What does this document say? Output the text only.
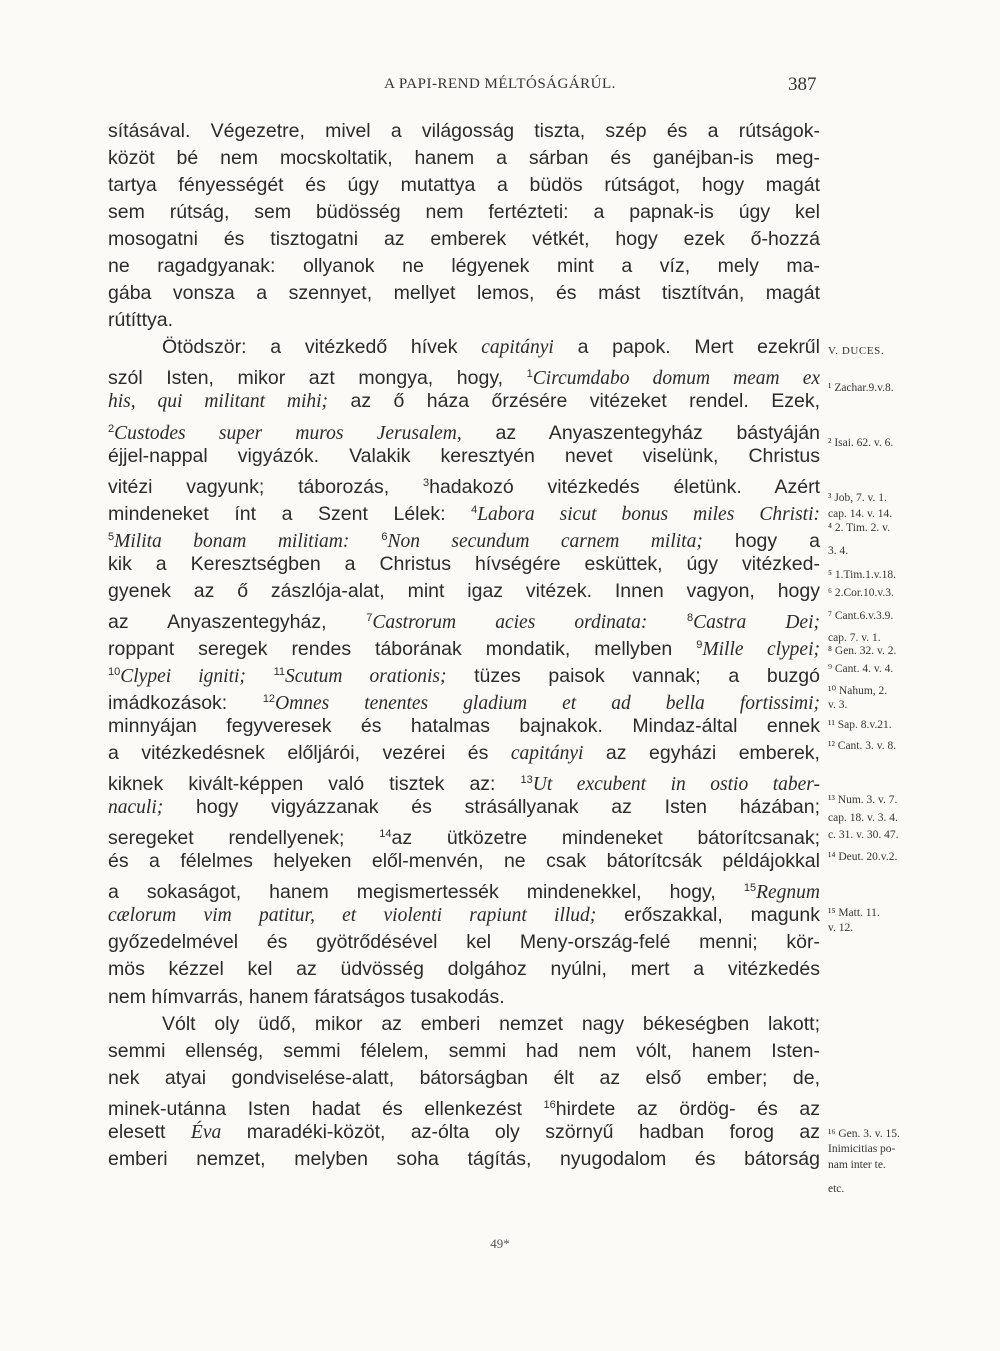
A PAPI-REND MÉLTÓSÁGÁRÚL.	387
sításával. Végezetre, mivel a világosság tiszta, szép és a rútságok-
közöt bé nem mocskoltatik, hanem a sárban és ganéjban-is meg-
tartya fényességét és úgy mutattya a büdös rútságot, hogy magát
sem rútság, sem büdösség nem fertézteti: a papnak-is úgy kel
mosogatni és tisztogatni az emberek vétkét, hogy ezek ő-hozzá
ne ragadgyanak: ollyanok ne légyenek mint a víz, mely ma-
gába vonsza a szennyet, mellyet lemos, és mást tisztítván, magát
rútíttya.
Ötödször: a vitézkedő hívek capitányi a papok. Mert ezekrűl
szól Isten, mikor azt mongya, hogy, $^1$Circumdabo domum meam ex
his, qui militant mihi; az ő háza őrzésére vitézeket rendel. Ezek,
$^2$Custodes super muros Jerusalem, az Anyaszentegyház bástyáján
éjjel-nappal vigyázók. Valakik keresztyén nevet viselünk, Christus
vitézi vagyunk; táborozás, $^3$hadakozó vitézkedés életünk. Azért
mindeneket ínt a Szent Lélek: $^4$Labora sicut bonus miles Christi:
$^5$Milita bonam militiam:	$^6$Non secundum carnem milita; hogy a
kik a Keresztségben a Christus hívségére esküttek, úgy vitézked-
gyenek az ő zászlója-alat, mint igaz vitézek. Innen vagyon, hogy
az Anyaszentegyház, $^7$Castrorum acies ordinata:	$^8$Castra Dei;
roppant seregek rendes táborának mondatik, mellyben $^9$Mille clypei;
$^{10}$Clypei igniti;	$^{11}$Scutum orationis; tüzes paisok vannak; a buzgó
imádkozások: $^{12}$Omnes tenentes gladium et ad bella fortissimi;
minnyájan fegyveresek és hatalmas bajnakok. Mindaz-által ennek
a vitézkedésnek előljárói, vezérei és capitányi az egyházi emberek,
kiknek kivált-képpen való tisztek az: $^{13}$Ut excubent in ostio taber-
naculi; hogy vigyázzanak és strásállyanak az Isten házában;
seregeket rendellyenek; $^{14}$az ütközetre mindeneket bátorítcsanak;
és a félelmes helyeken elől-menvén, ne csak bátorítcsák példájokkal
a sokaságot, hanem megismertessék mindenekkel, hogy, $^{15}$Regnum
cælorum vim patitur, et violenti rapiunt illud; erőszakkal, magunk
győzedelmével és gyötrődésével kel Meny-ország-felé menni; kör-
mös kézzel kel az üdvösség dolgához nyúlni, mert a vitézkedés
nem hímvarrás, hanem fáratságos tusakodás.
Vólt oly üdő, mikor az emberi nemzet nagy békeségben lakott;
semmi ellenség, semmi félelem, semmi had nem vólt, hanem Isten-
nek atyai gondviselése-alatt, bátorságban élt az első ember; de,
minek-utánna Isten hadat és ellenkezést $^{16}$hirdete az ördög- és az
elesett Éva maradéki-közöt, az-ólta oly szörnyű hadban forog az
emberi nemzet, melyben soha tágítás, nyugodalom és bátorság
V. DUCES.
¹ Zachar.9.v.8.
² Isai. 62. v. 6.
³ Job, 7. v. 1.
cap. 14. v. 14.
⁴ 2. Tim. 2. v.
3. 4.
⁵ 1.Tim.1.v.18.
⁶ 2.Cor.10.v.3.
⁷ Cant.6.v.3.9.
cap. 7. v. 1.
⁸ Gen. 32. v. 2.
⁹ Cant. 4. v. 4.
¹⁰ Nahum, 2.
v. 3.
¹¹ Sap. 8.v.21.
¹² Cant. 3. v. 8.
¹³ Num. 3. v. 7.
cap. 18. v. 3. 4.
c. 31. v. 30. 47.
¹⁴ Deut. 20.v.2.
¹⁵ Matt. 11.
v. 12.
¹⁶ Gen. 3. v. 15.
Inimicitias po-
nam inter te.
etc.
49*
